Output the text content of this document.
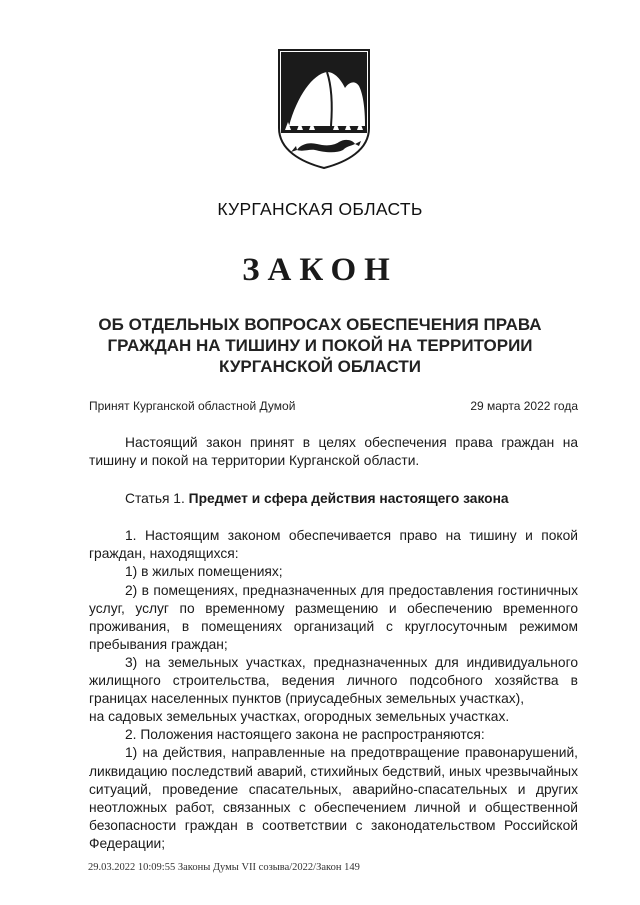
КУРГАНСКАЯ ОБЛАСТЬ
ЗАКОН
ОБ ОТДЕЛЬНЫХ ВОПРОСАХ ОБЕСПЕЧЕНИЯ ПРАВА ГРАЖДАН НА ТИШИНУ И ПОКОЙ НА ТЕРРИТОРИИ КУРГАНСКОЙ ОБЛАСТИ
Принят Курганской областной Думой	29 марта 2022 года

Настоящий закон принят в целях обеспечения права граждан на тишину и покой на территории Курганской области.

Статья 1. Предмет и сфера действия настоящего закона

1. Настоящим законом обеспечивается право на тишину и покой граждан, находящихся:

1) в жилых помещениях;

2) в помещениях, предназначенных для предоставления гостиничных услуг, услуг по временному размещению и обеспечению временного проживания, в помещениях организаций с круглосуточным режимом пребывания граждан;

3) на земельных участках, предназначенных для индивидуального жилищного строительства, ведения личного подсобного хозяйства в границах населенных пунктов (приусадебных земельных участках),

на садовых земельных участках, огородных земельных участках.

2. Положения настоящего закона не распространяются:

1) на действия, направленные на предотвращение правонарушений, ликвидацию последствий аварий, стихийных бедствий, иных чрезвычайных ситуаций, проведение спасательных, аварийно-спасательных и других неотложных работ, связанных с обеспечением личной и общественной безопасности граждан в соответствии с законодательством Российской Федерации;

29.03.2022 10:09:55 Законы Думы VII созыва/2022/Закон 149
